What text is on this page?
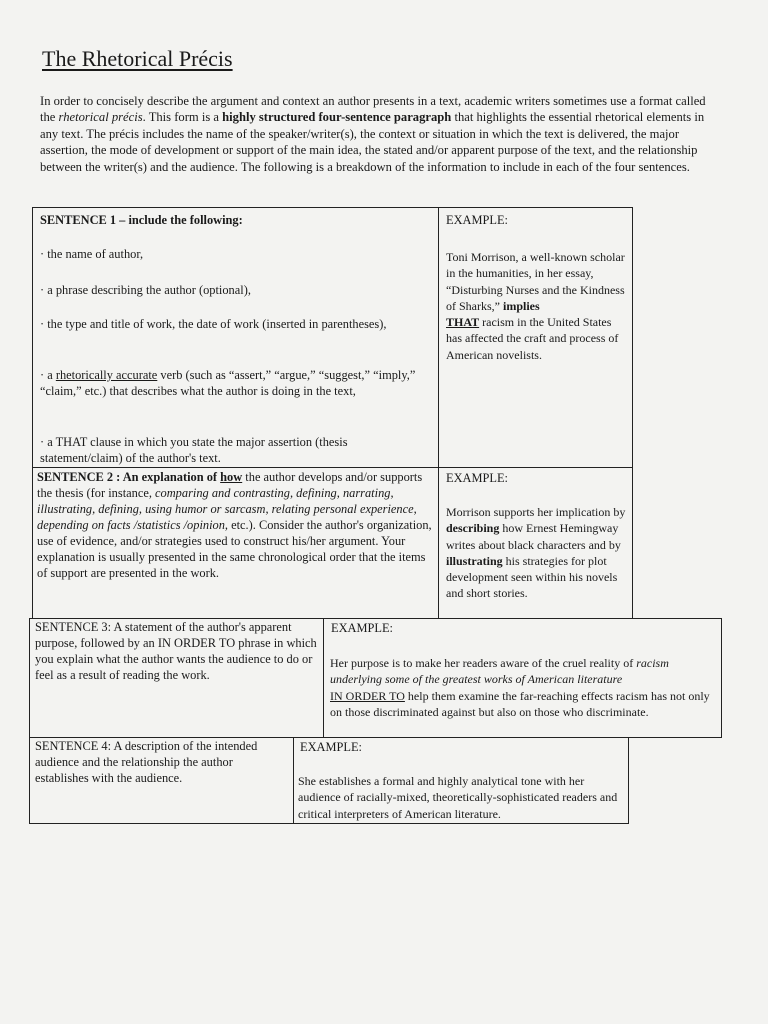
The Rhetorical Précis
In order to concisely describe the argument and context an author presents in a text, academic writers sometimes use a format called the rhetorical précis. This form is a highly structured four-sentence paragraph that highlights the essential rhetorical elements in any text. The précis includes the name of the speaker/writer(s), the context or situation in which the text is delivered, the major assertion, the mode of development or support of the main idea, the stated and/or apparent purpose of the text, and the relationship between the writer(s) and the audience. The following is a breakdown of the information to include in each of the four sentences.
SENTENCE 1 – include the following:
· the name of author,
· a phrase describing the author (optional),
· the type and title of work, the date of work (inserted in parentheses),
· a rhetorically accurate verb (such as “assert,” “argue,” “suggest,” “imply,” “claim,” etc.) that describes what the author is doing in the text,
· a THAT clause in which you state the major assertion (thesis statement/claim) of the author's text.
EXAMPLE:
Toni Morrison, a well-known scholar in the humanities, in her essay, “Disturbing Nurses and the Kindness of Sharks,” implies
THAT racism in the United States has affected the craft and process of American novelists.
SENTENCE 2 : An explanation of how the author develops and/or supports the thesis (for instance, comparing and contrasting, defining, narrating, illustrating, defining, using humor or sarcasm, relating personal experience, depending on facts /statistics /opinion, etc.). Consider the author's organization, use of evidence, and/or strategies used to construct his/her argument. Your explanation is usually presented in the same chronological order that the items of support are presented in the work.
EXAMPLE:
Morrison supports her implication by describing how Ernest Hemingway writes about black characters and by illustrating his strategies for plot development seen within his novels and short stories.
SENTENCE 3: A statement of the author's apparent purpose, followed by an IN ORDER TO phrase in which you explain what the author wants the audience to do or feel as a result of reading the work.
EXAMPLE:
Her purpose is to make her readers aware of the cruel reality of racism underlying some of the greatest works of American literature
IN ORDER TO help them examine the far-reaching effects racism has not only on those discriminated against but also on those who discriminate.
SENTENCE 4: A description of the intended audience and the relationship the author establishes with the audience.
EXAMPLE:
She establishes a formal and highly analytical tone with her audience of racially-mixed, theoretically-sophisticated readers and critical interpreters of American literature.
